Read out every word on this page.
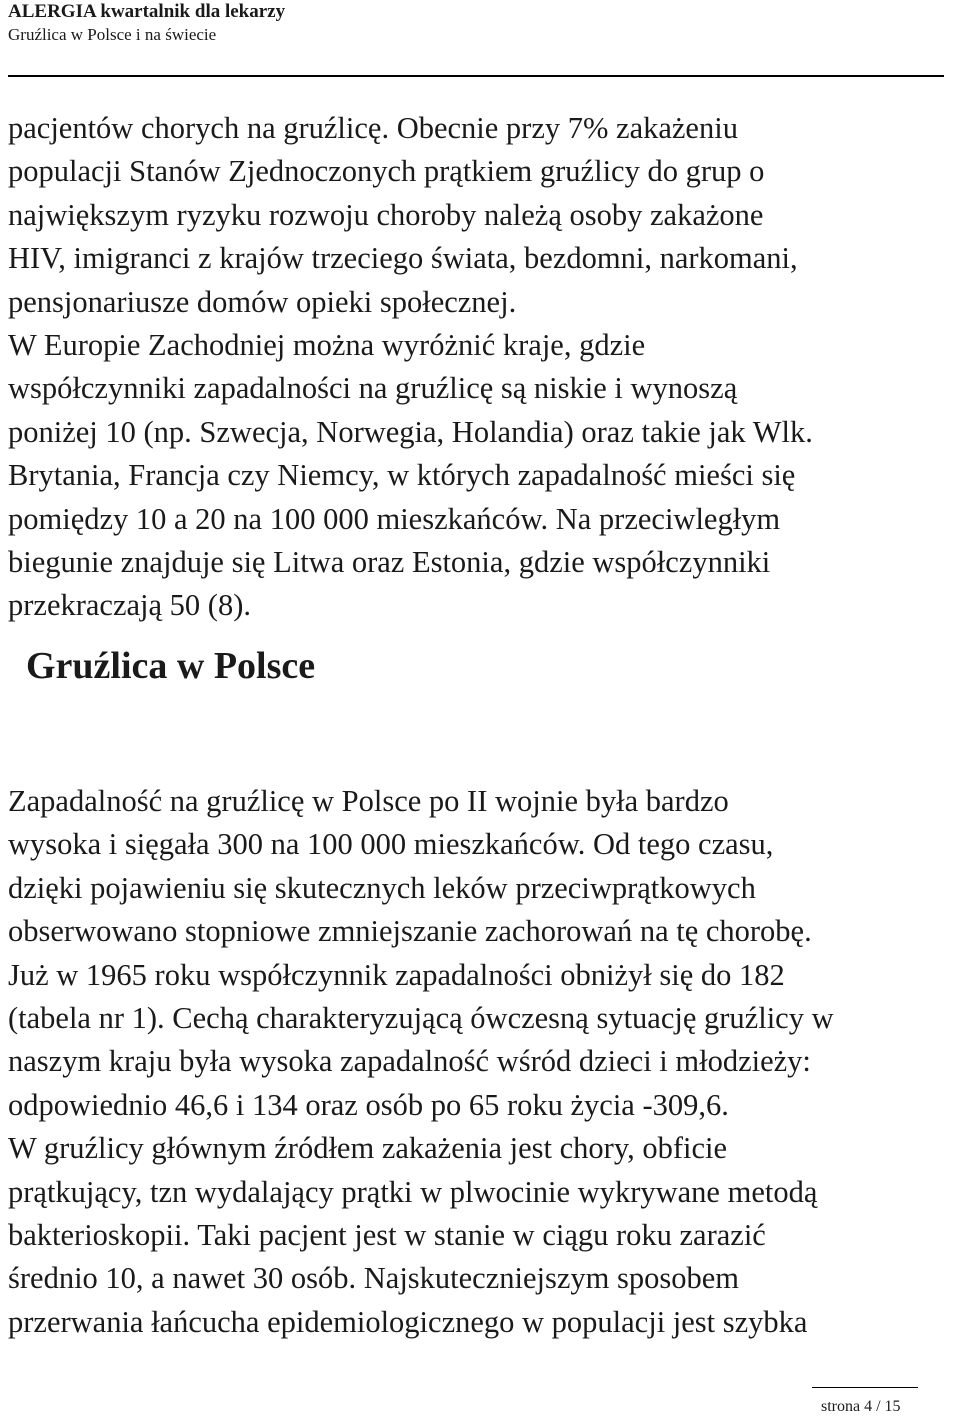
ALERGIA kwartalnik dla lekarzy
Gruźlica w Polsce i na świecie
pacjentów chorych na gruźlicę. Obecnie przy 7% zakażeniu
populacji Stanów Zjednoczonych prątkiem gruźlicy do grup o
największym ryzyku rozwoju choroby należą osoby zakażone
HIV, imigranci z krajów trzeciego świata, bezdomni, narkomani,
pensjonariusze domów opieki społecznej.
W Europie Zachodniej można wyróżnić kraje, gdzie
współczynniki zapadalności na gruźlicę są niskie i wynoszą
poniżej 10 (np. Szwecja, Norwegia, Holandia) oraz takie jak Wlk.
Brytania, Francja czy Niemcy, w których zapadalność mieści się
pomiędzy 10 a 20 na 100 000 mieszkańców. Na przeciwległym
biegunie znajduje się Litwa oraz Estonia, gdzie współczynniki
przekraczają 50 (8).
Gruźlica w Polsce
Zapadalność na gruźlicę w Polsce po II wojnie była bardzo
wysoka i sięgała 300 na 100 000 mieszkańców. Od tego czasu,
dzięki pojawieniu się skutecznych leków przeciwprątkowych
obserwowano stopniowe zmniejszanie zachorowań na tę chorobę.
Już w 1965 roku współczynnik zapadalności obniżył się do 182
(tabela nr 1). Cechą charakteryzującą ówczesną sytuację gruźlicy w
naszym kraju była wysoka zapadalność wśród dzieci i młodzieży:
odpowiednio 46,6 i 134 oraz osób po 65 roku życia -309,6.
W gruźlicy głównym źródłem zakażenia jest chory, obficie
prątkujący, tzn wydalający prątki w plwocinie wykrywane metodą
bakterioskopii. Taki pacjent jest w stanie w ciągu roku zarazić
średnio 10, a nawet 30 osób. Najskuteczniejszym sposobem
przerwania łańcucha epidemiologicznego w populacji jest szybka
strona 4 / 15
